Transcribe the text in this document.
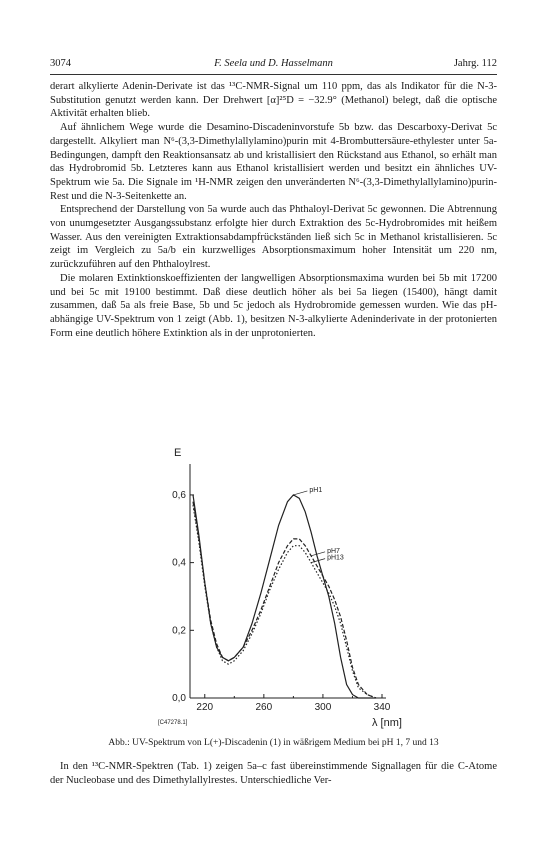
3074	F. Seela und D. Hasselmann	Jahrg. 112

derart alkylierte Adenin-Derivate ist das ¹³C-NMR-Signal um 110 ppm, das als Indikator für die N-3-Substitution genutzt werden kann. Der Drehwert [α]²⁵D = −32.9° (Methanol) belegt, daß die optische Aktivität erhalten blieb.

Auf ähnlichem Wege wurde die Desamino-Discadeninvorstufe 5b bzw. das Descarboxy-Derivat 5c dargestellt. Alkyliert man N⁶-(3,3-Dimethylallylamino)purin mit 4-Brombuttersäure-ethylester unter 5a-Bedingungen, dampft den Reaktionsansatz ab und kristallisiert den Rückstand aus Ethanol, so erhält man das Hydrobromid 5b. Letzteres kann aus Ethanol kristallisiert werden und besitzt ein ähnliches UV-Spektrum wie 5a. Die Signale im ¹H-NMR zeigen den unveränderten N⁶-(3,3-Dimethylallylamino)purin-Rest und die N-3-Seitenkette an.

Entsprechend der Darstellung von 5a wurde auch das Phthaloyl-Derivat 5c gewonnen. Die Abtrennung von unumgesetzter Ausgangssubstanz erfolgte hier durch Extraktion des 5c-Hydrobromides mit heißem Wasser. Aus den vereinigten Extraktionsabdampfrückständen ließ sich 5c in Methanol kristallisieren. 5c zeigt im Vergleich zu 5a/b ein kurzwelliges Absorptionsmaximum hoher Intensität um 220 nm, zurückzuführen auf den Phthaloylrest.

Die molaren Extinktionskoeffizienten der langwelligen Absorptionsmaxima wurden bei 5b mit 17200 und bei 5c mit 19100 bestimmt. Daß diese deutlich höher als bei 5a liegen (15400), hängt damit zusammen, daß 5a als freie Base, 5b und 5c jedoch als Hydrobromide gemessen wurden. Wie das pH-abhängige UV-Spektrum von 1 zeigt (Abb. 1), besitzen N-3-alkylierte Adeninderivate in der protonierten Form eine deutlich höhere Extinktion als in der unprotonierten.

220	260	300	340
0,0
0,2
0,4
0,6
E
λ [nm]
pH1
pH7
pH13
[C47278.1]
Abb.: UV-Spektrum von L(+)-Discadenin (1) in wäßrigem Medium bei pH 1, 7 und 13

In den ¹³C-NMR-Spektren (Tab. 1) zeigen 5a–c fast übereinstimmende Signallagen für die C-Atome der Nucleobase und des Dimethylallylrestes. Unterschiedliche Ver-
